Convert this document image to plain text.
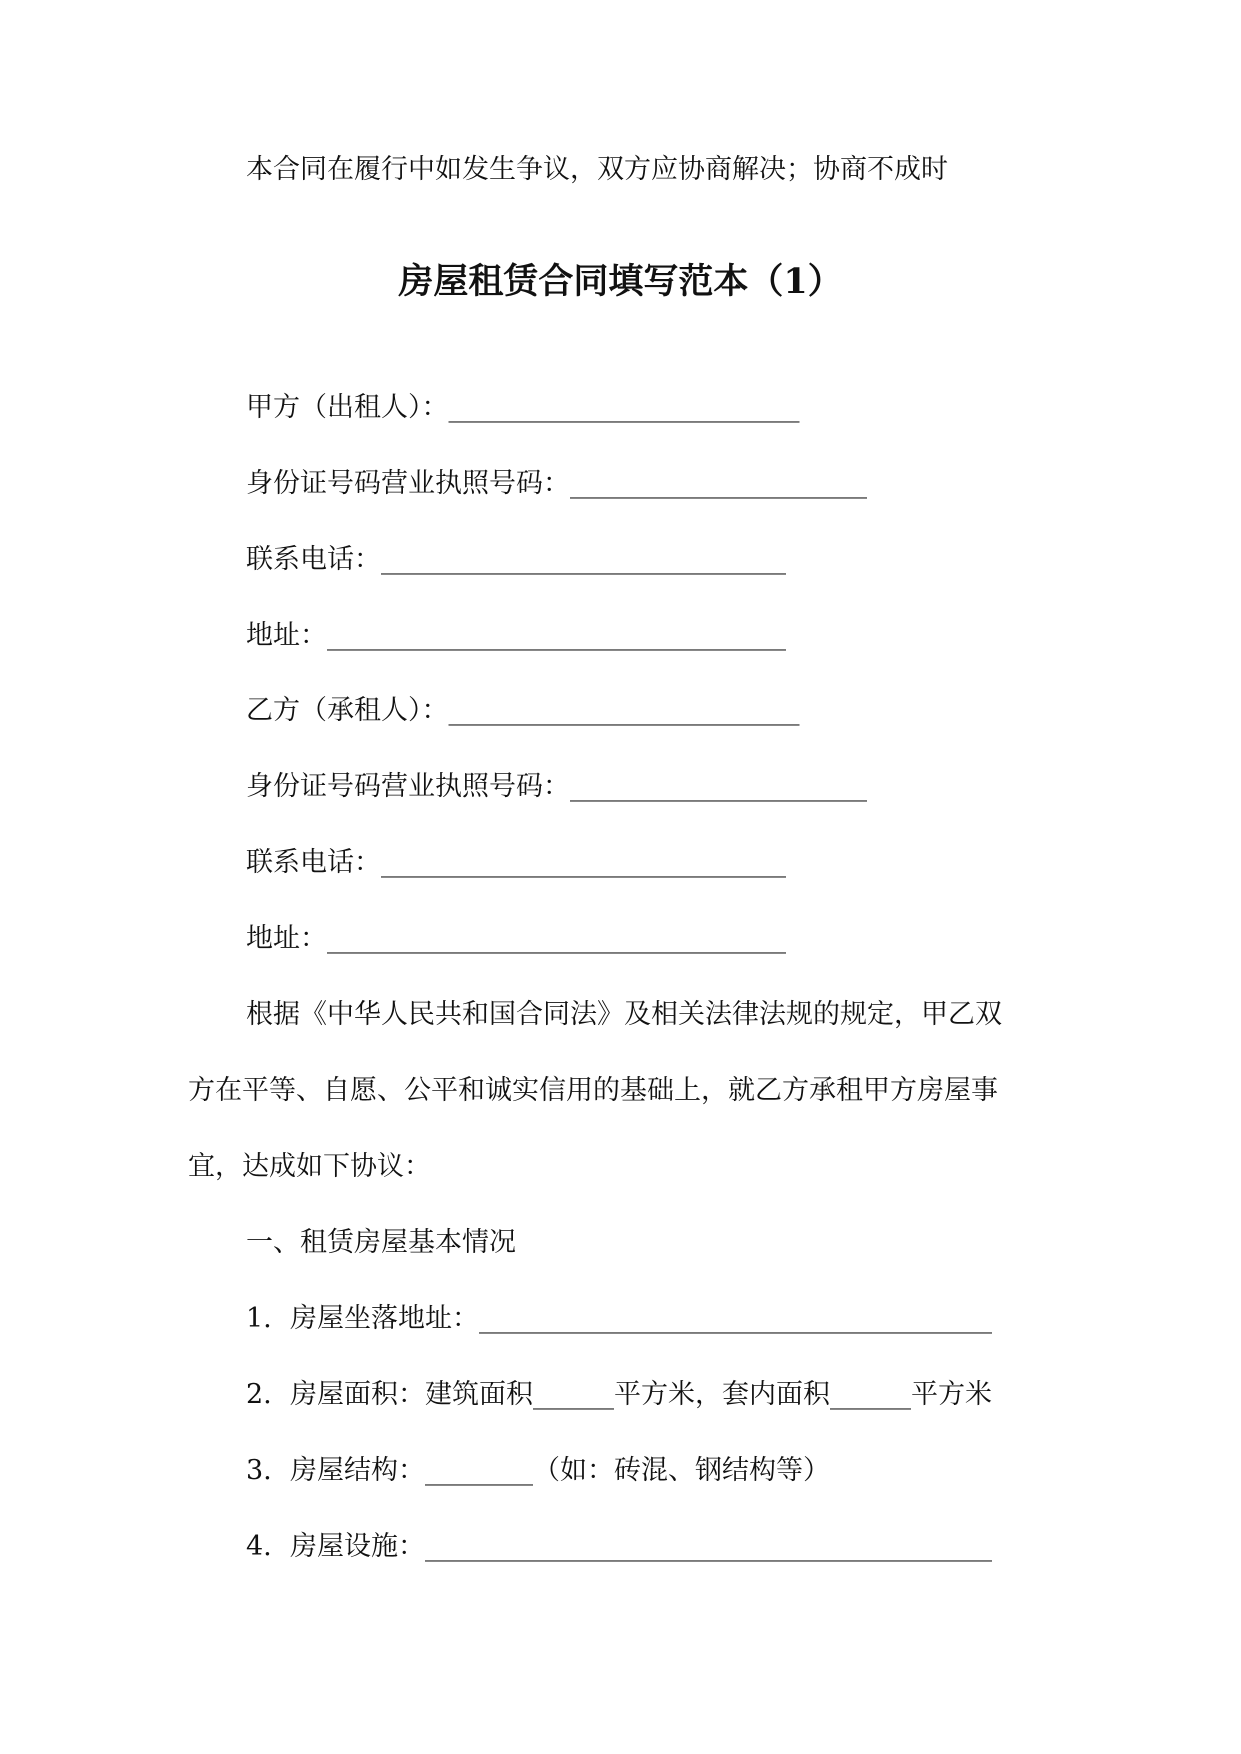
本合同在履行中如发生争议，双方应协商解决；协商不成时
房屋租赁合同填写范本（1）
甲方（出租人）：__________________________
身份证号码营业执照号码：______________________
联系电话：______________________________
地址：__________________________________
乙方（承租人）：__________________________
身份证号码营业执照号码：______________________
联系电话：______________________________
地址：__________________________________
根据《中华人民共和国合同法》及相关法律法规的规定，甲乙双
方在平等、自愿、公平和诚实信用的基础上，就乙方承租甲方房屋事
宜，达成如下协议：
一、租赁房屋基本情况
1. 房屋坐落地址：______________________________________
2. 房屋面积：建筑面积______平方米，套内面积______平方米
3. 房屋结构：________（如：砖混、钢结构等）
4. 房屋设施：__________________________________________
